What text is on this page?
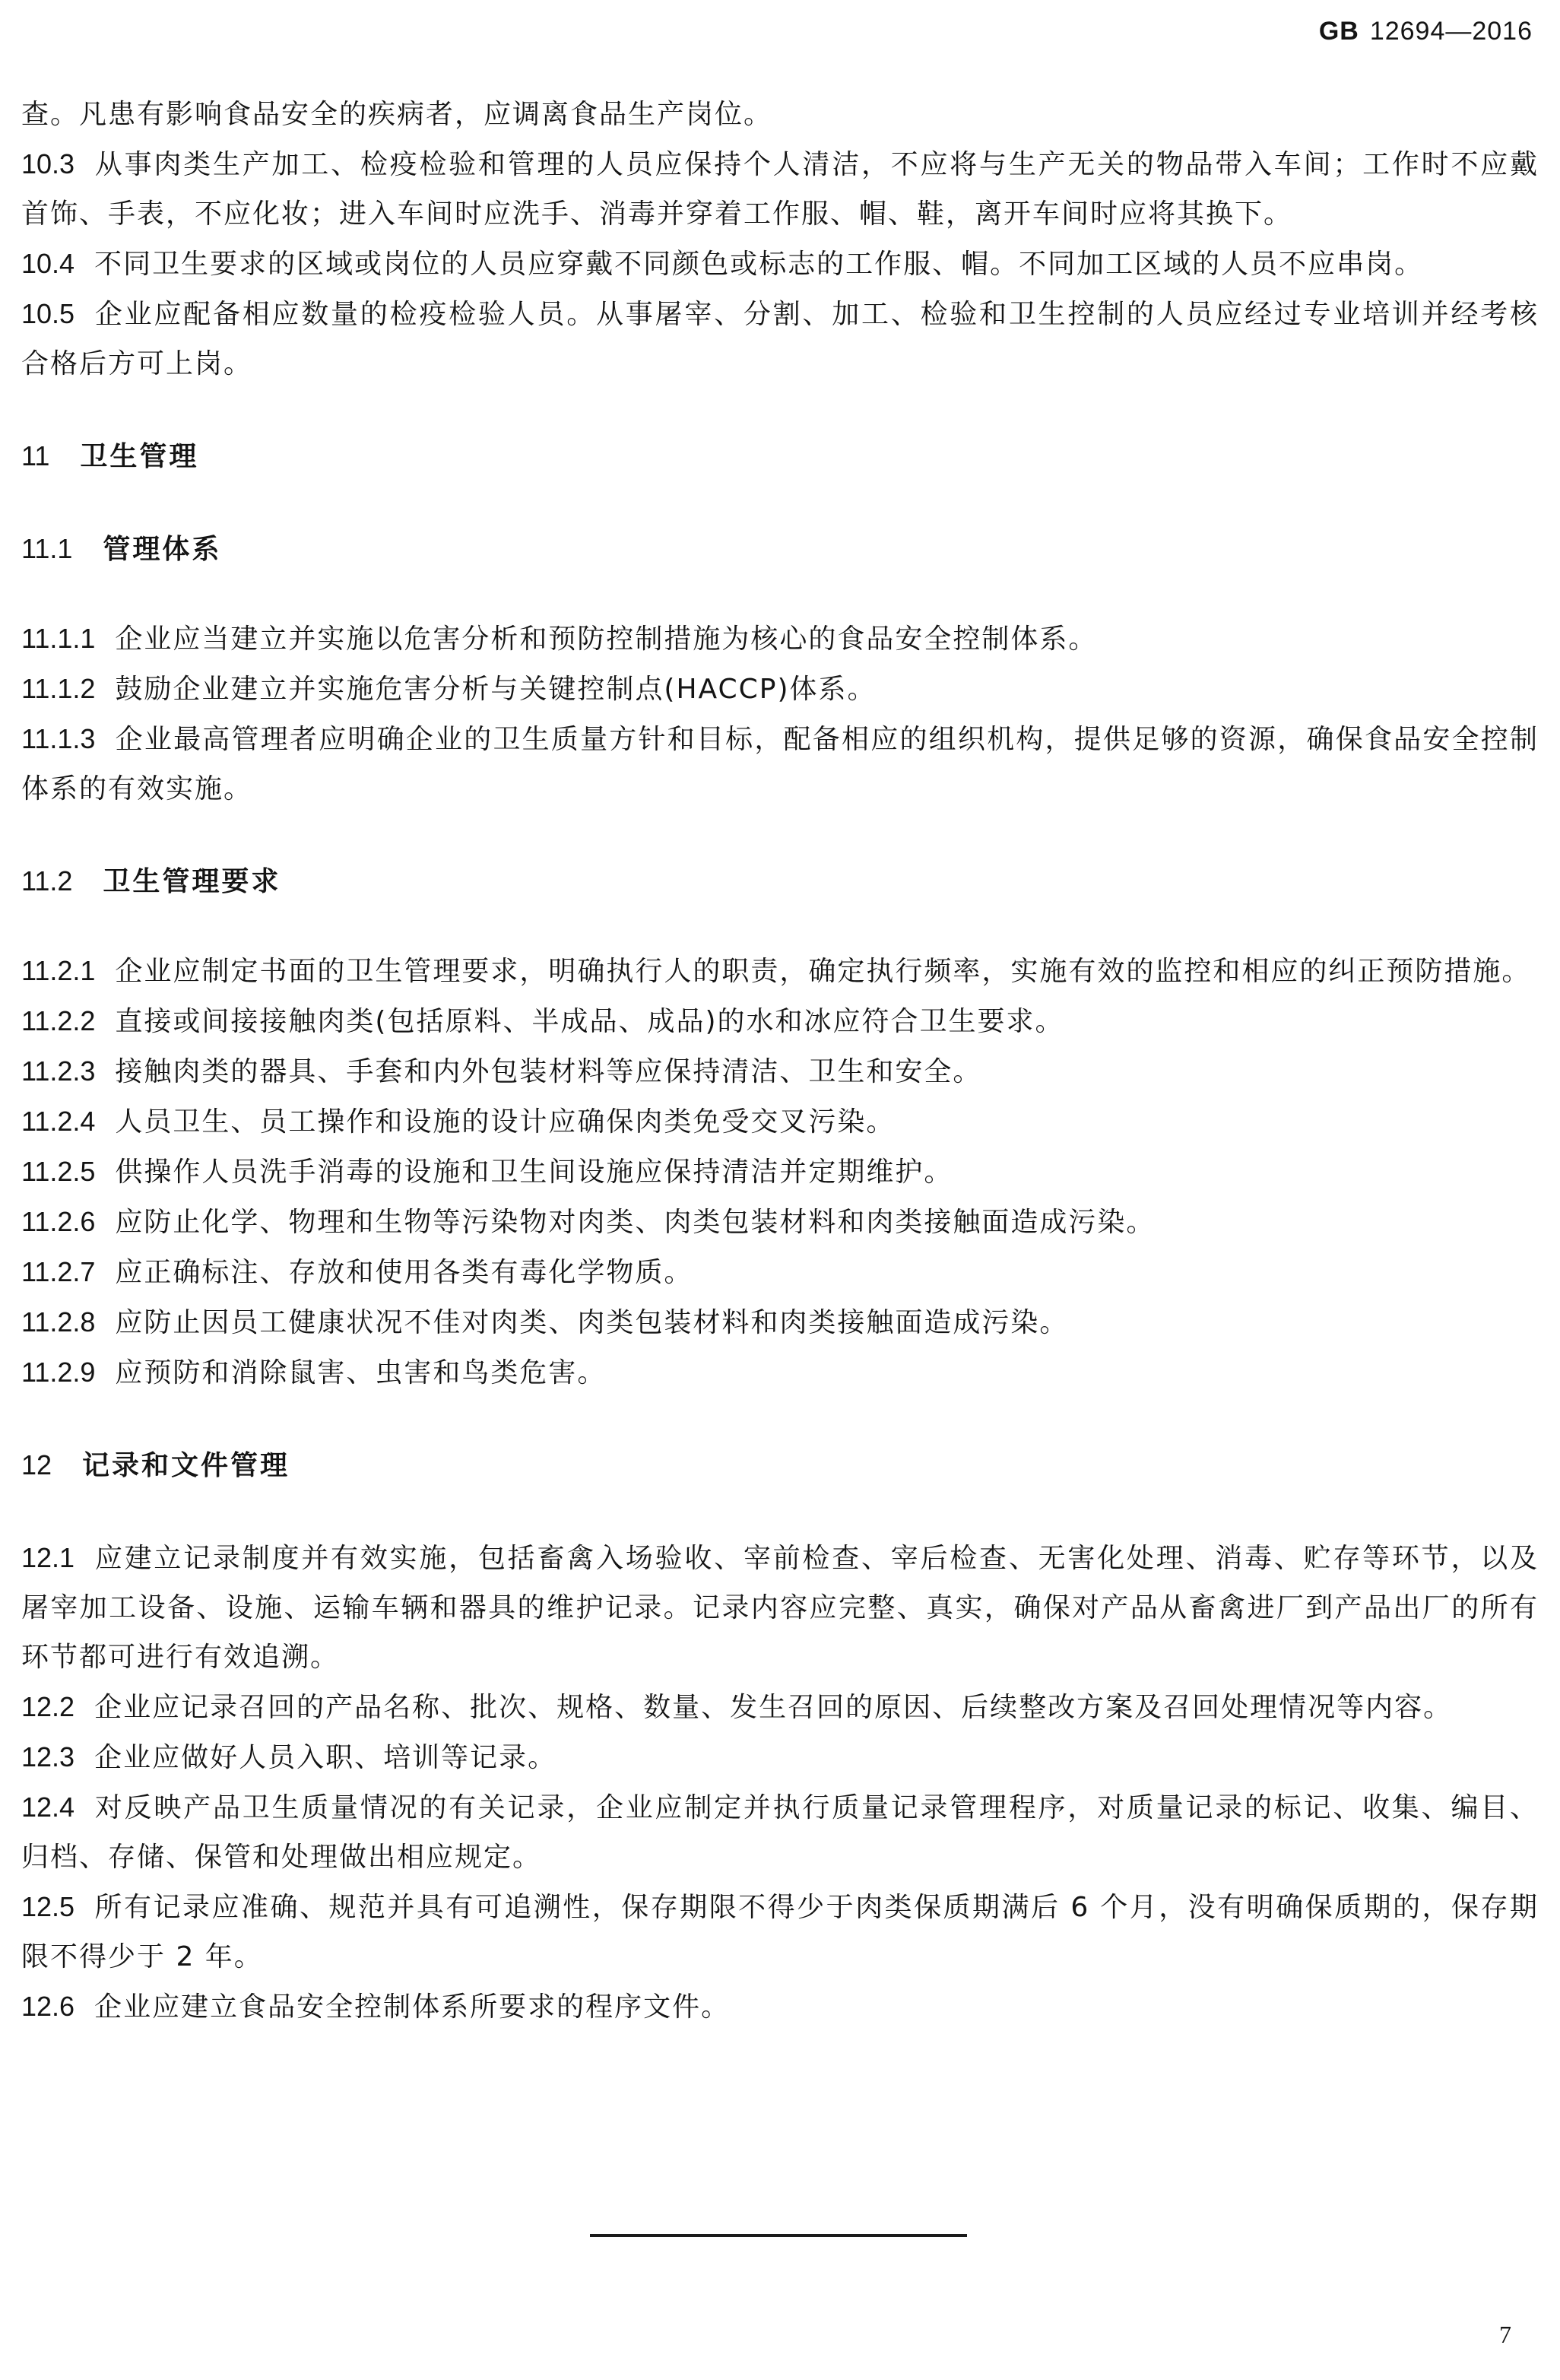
GB 12694—2016

查。凡患有影响食品安全的疾病者，应调离食品生产岗位。

10.3 从事肉类生产加工、检疫检验和管理的人员应保持个人清洁，不应将与生产无关的物品带入车间；工作时不应戴首饰、手表，不应化妆；进入车间时应洗手、消毒并穿着工作服、帽、鞋，离开车间时应将其换下。

10.4 不同卫生要求的区域或岗位的人员应穿戴不同颜色或标志的工作服、帽。不同加工区域的人员不应串岗。

10.5 企业应配备相应数量的检疫检验人员。从事屠宰、分割、加工、检验和卫生控制的人员应经过专业培训并经考核合格后方可上岗。

11 卫生管理
11.1 管理体系

11.1.1 企业应当建立并实施以危害分析和预防控制措施为核心的食品安全控制体系。

11.1.2 鼓励企业建立并实施危害分析与关键控制点(HACCP)体系。

11.1.3 企业最高管理者应明确企业的卫生质量方针和目标，配备相应的组织机构，提供足够的资源，确保食品安全控制体系的有效实施。

11.2 卫生管理要求

11.2.1 企业应制定书面的卫生管理要求，明确执行人的职责，确定执行频率，实施有效的监控和相应的纠正预防措施。

11.2.2 直接或间接接触肉类(包括原料、半成品、成品)的水和冰应符合卫生要求。

11.2.3 接触肉类的器具、手套和内外包装材料等应保持清洁、卫生和安全。

11.2.4 人员卫生、员工操作和设施的设计应确保肉类免受交叉污染。

11.2.5 供操作人员洗手消毒的设施和卫生间设施应保持清洁并定期维护。

11.2.6 应防止化学、物理和生物等污染物对肉类、肉类包装材料和肉类接触面造成污染。

11.2.7 应正确标注、存放和使用各类有毒化学物质。

11.2.8 应防止因员工健康状况不佳对肉类、肉类包装材料和肉类接触面造成污染。

11.2.9 应预防和消除鼠害、虫害和鸟类危害。

12 记录和文件管理

12.1 应建立记录制度并有效实施，包括畜禽入场验收、宰前检查、宰后检查、无害化处理、消毒、贮存等环节，以及屠宰加工设备、设施、运输车辆和器具的维护记录。记录内容应完整、真实，确保对产品从畜禽进厂到产品出厂的所有环节都可进行有效追溯。

12.2 企业应记录召回的产品名称、批次、规格、数量、发生召回的原因、后续整改方案及召回处理情况等内容。

12.3 企业应做好人员入职、培训等记录。

12.4 对反映产品卫生质量情况的有关记录，企业应制定并执行质量记录管理程序，对质量记录的标记、收集、编目、归档、存储、保管和处理做出相应规定。

12.5 所有记录应准确、规范并具有可追溯性，保存期限不得少于肉类保质期满后 6 个月，没有明确保质期的，保存期限不得少于 2 年。

12.6 企业应建立食品安全控制体系所要求的程序文件。

7
